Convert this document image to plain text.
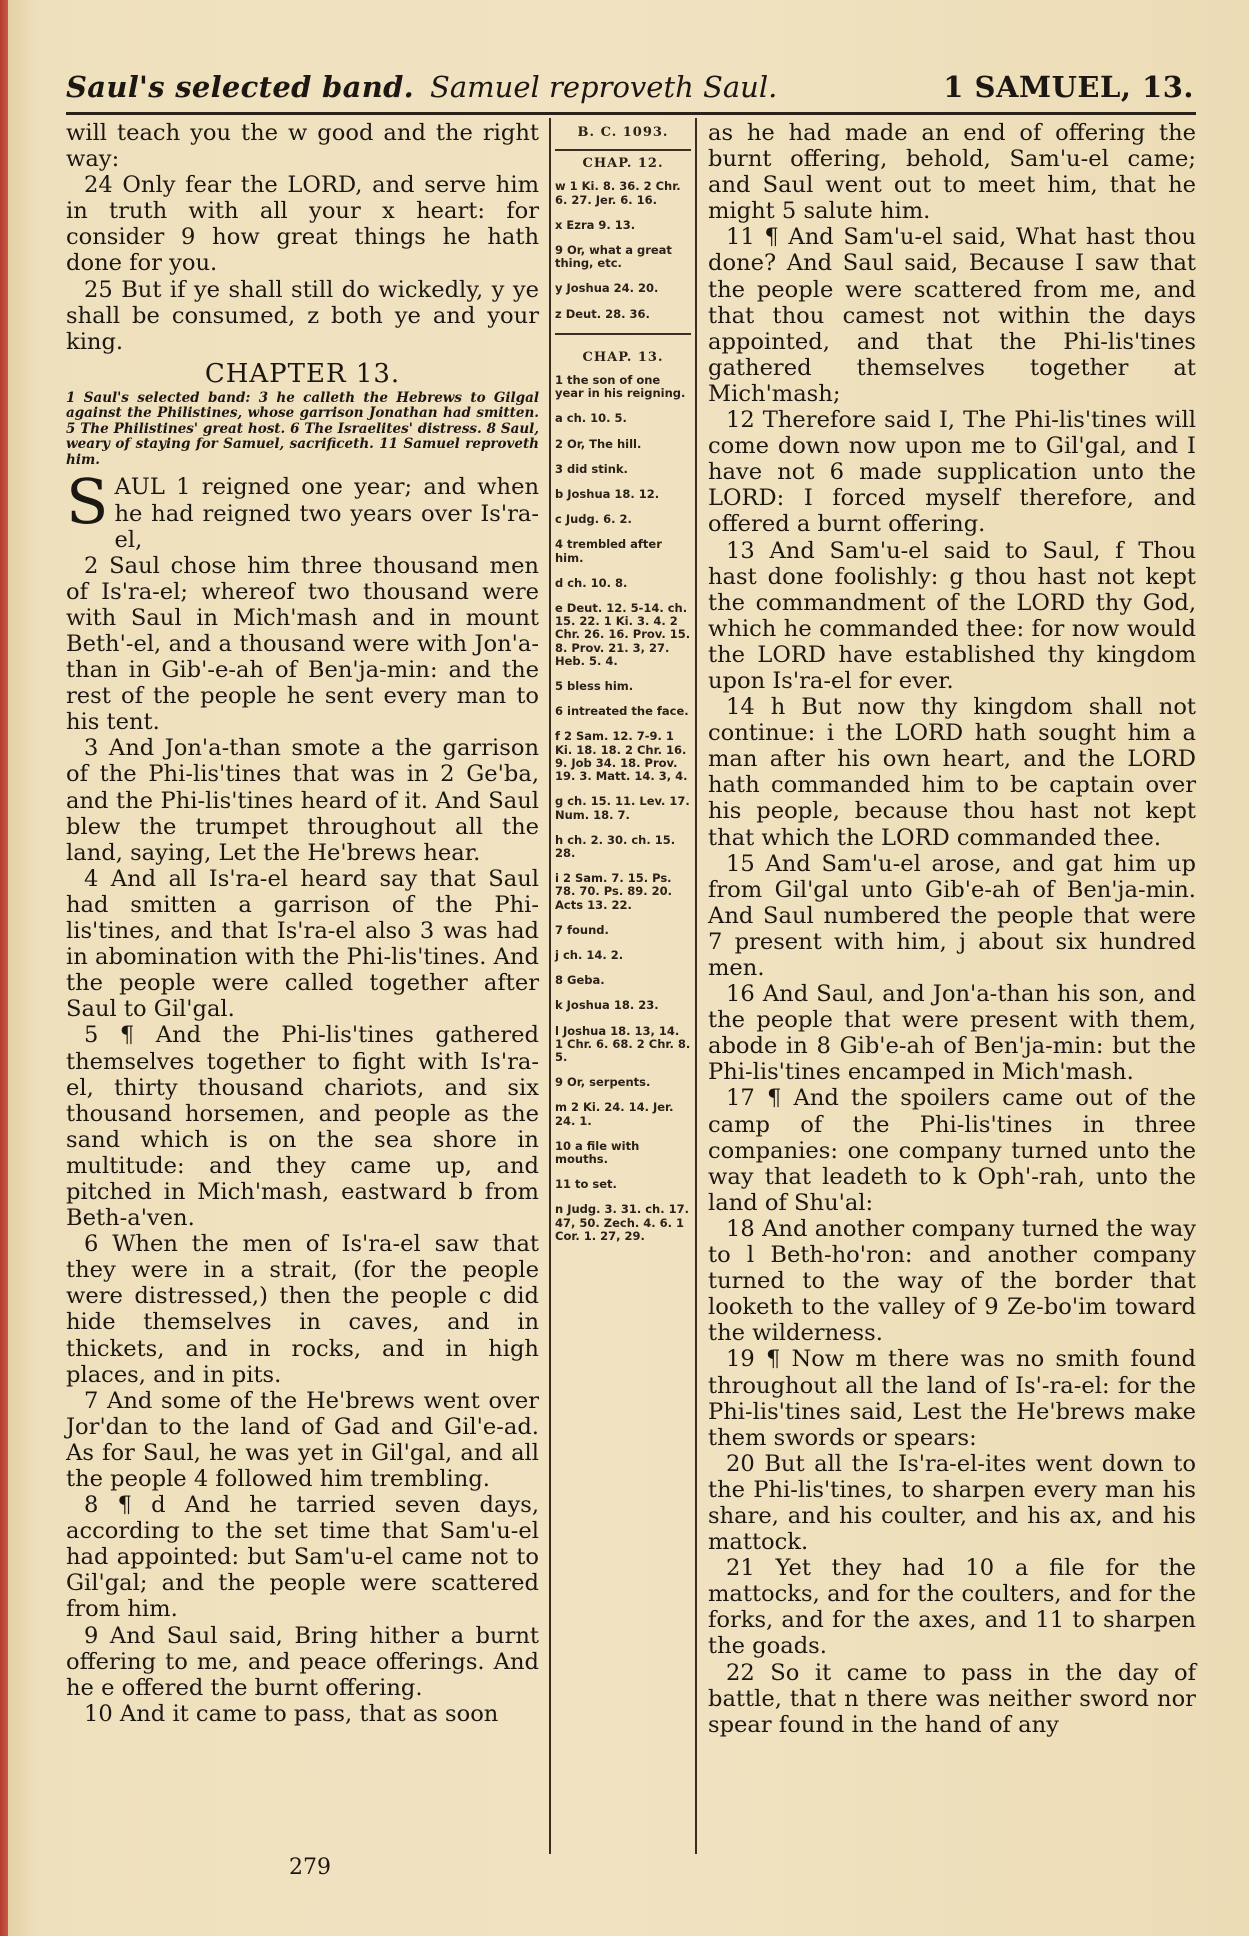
Saul's selected band. Samuel reproveth Saul.	1 SAMUEL, 13.

will teach you the w good and the right way:

24 Only fear the LORD, and serve him in truth with all your x heart: for consider 9 how great things he hath done for you.

25 But if ye shall still do wickedly, y ye shall be consumed, z both ye and your king.

CHAPTER 13.

1 Saul's selected band: 3 he calleth the Hebrews to Gilgal against the Philistines, whose garrison Jonathan had smitten. 5 The Philistines' great host. 6 The Israelites' distress. 8 Saul, weary of staying for Samuel, sacrificeth. 11 Samuel reproveth him.

SAUL 1 reigned one year; and when he had reigned two years over Is'ra-el,

2 Saul chose him three thousand men of Is'ra-el; whereof two thousand were with Saul in Mich'mash and in mount Beth'-el, and a thousand were with Jon'a-than in Gib'-e-ah of Ben'ja-min: and the rest of the people he sent every man to his tent.

3 And Jon'a-than smote a the garrison of the Phi-lis'tines that was in 2 Ge'ba, and the Phi-lis'tines heard of it. And Saul blew the trumpet throughout all the land, saying, Let the He'brews hear.

4 And all Is'ra-el heard say that Saul had smitten a garrison of the Phi-lis'tines, and that Is'ra-el also 3 was had in abomination with the Phi-lis'tines. And the people were called together after Saul to Gil'gal.

5 ¶ And the Phi-lis'tines gathered themselves together to fight with Is'ra-el, thirty thousand chariots, and six thousand horsemen, and people as the sand which is on the sea shore in multitude: and they came up, and pitched in Mich'mash, eastward b from Beth-a'ven.

6 When the men of Is'ra-el saw that they were in a strait, (for the people were distressed,) then the people c did hide themselves in caves, and in thickets, and in rocks, and in high places, and in pits.

7 And some of the He'brews went over Jor'dan to the land of Gad and Gil'e-ad. As for Saul, he was yet in Gil'gal, and all the people 4 followed him trembling.

8 ¶ d And he tarried seven days, according to the set time that Sam'u-el had appointed: but Sam'u-el came not to Gil'gal; and the people were scattered from him.

9 And Saul said, Bring hither a burnt offering to me, and peace offerings. And he e offered the burnt offering.

10 And it came to pass, that as soon

B. C. 1093.
CHAP. 12.
w 1 Ki. 8. 36. 2 Chr. 6. 27. Jer. 6. 16.
x Ezra 9. 13.
9 Or, what a great thing, etc.
y Joshua 24. 20.
z Deut. 28. 36.
CHAP. 13.
1 the son of one year in his reigning.
a ch. 10. 5.
2 Or, The hill.
3 did stink.
b Joshua 18. 12.
c Judg. 6. 2.
4 trembled after him.
d ch. 10. 8.
e Deut. 12. 5-14. ch. 15. 22. 1 Ki. 3. 4. 2 Chr. 26. 16. Prov. 15. 8. Prov. 21. 3, 27. Heb. 5. 4.
5 bless him.
6 intreated the face.
f 2 Sam. 12. 7-9. 1 Ki. 18. 18. 2 Chr. 16. 9. Job 34. 18. Prov. 19. 3. Matt. 14. 3, 4.
g ch. 15. 11. Lev. 17. Num. 18. 7.
h ch. 2. 30. ch. 15. 28.
i 2 Sam. 7. 15. Ps. 78. 70. Ps. 89. 20. Acts 13. 22.
7 found.
j ch. 14. 2.
8 Geba.
k Joshua 18. 23.
l Joshua 18. 13, 14. 1 Chr. 6. 68. 2 Chr. 8. 5.
9 Or, serpents.
m 2 Ki. 24. 14. Jer. 24. 1.
10 a file with mouths.
11 to set.
n Judg. 3. 31. ch. 17. 47, 50. Zech. 4. 6. 1 Cor. 1. 27, 29.

as he had made an end of offering the burnt offering, behold, Sam'u-el came; and Saul went out to meet him, that he might 5 salute him.

11 ¶ And Sam'u-el said, What hast thou done? And Saul said, Because I saw that the people were scattered from me, and that thou camest not within the days appointed, and that the Phi-lis'tines gathered themselves together at Mich'mash;

12 Therefore said I, The Phi-lis'tines will come down now upon me to Gil'gal, and I have not 6 made supplication unto the LORD: I forced myself therefore, and offered a burnt offering.

13 And Sam'u-el said to Saul, f Thou hast done foolishly: g thou hast not kept the commandment of the LORD thy God, which he commanded thee: for now would the LORD have established thy kingdom upon Is'ra-el for ever.

14 h But now thy kingdom shall not continue: i the LORD hath sought him a man after his own heart, and the LORD hath commanded him to be captain over his people, because thou hast not kept that which the LORD commanded thee.

15 And Sam'u-el arose, and gat him up from Gil'gal unto Gib'e-ah of Ben'ja-min. And Saul numbered the people that were 7 present with him, j about six hundred men.

16 And Saul, and Jon'a-than his son, and the people that were present with them, abode in 8 Gib'e-ah of Ben'ja-min: but the Phi-lis'tines encamped in Mich'mash.

17 ¶ And the spoilers came out of the camp of the Phi-lis'tines in three companies: one company turned unto the way that leadeth to k Oph'-rah, unto the land of Shu'al:

18 And another company turned the way to l Beth-ho'ron: and another company turned to the way of the border that looketh to the valley of 9 Ze-bo'im toward the wilderness.

19 ¶ Now m there was no smith found throughout all the land of Is'-ra-el: for the Phi-lis'tines said, Lest the He'brews make them swords or spears:

20 But all the Is'ra-el-ites went down to the Phi-lis'tines, to sharpen every man his share, and his coulter, and his ax, and his mattock.

21 Yet they had 10 a file for the mattocks, and for the coulters, and for the forks, and for the axes, and 11 to sharpen the goads.

22 So it came to pass in the day of battle, that n there was neither sword nor spear found in the hand of any

279
